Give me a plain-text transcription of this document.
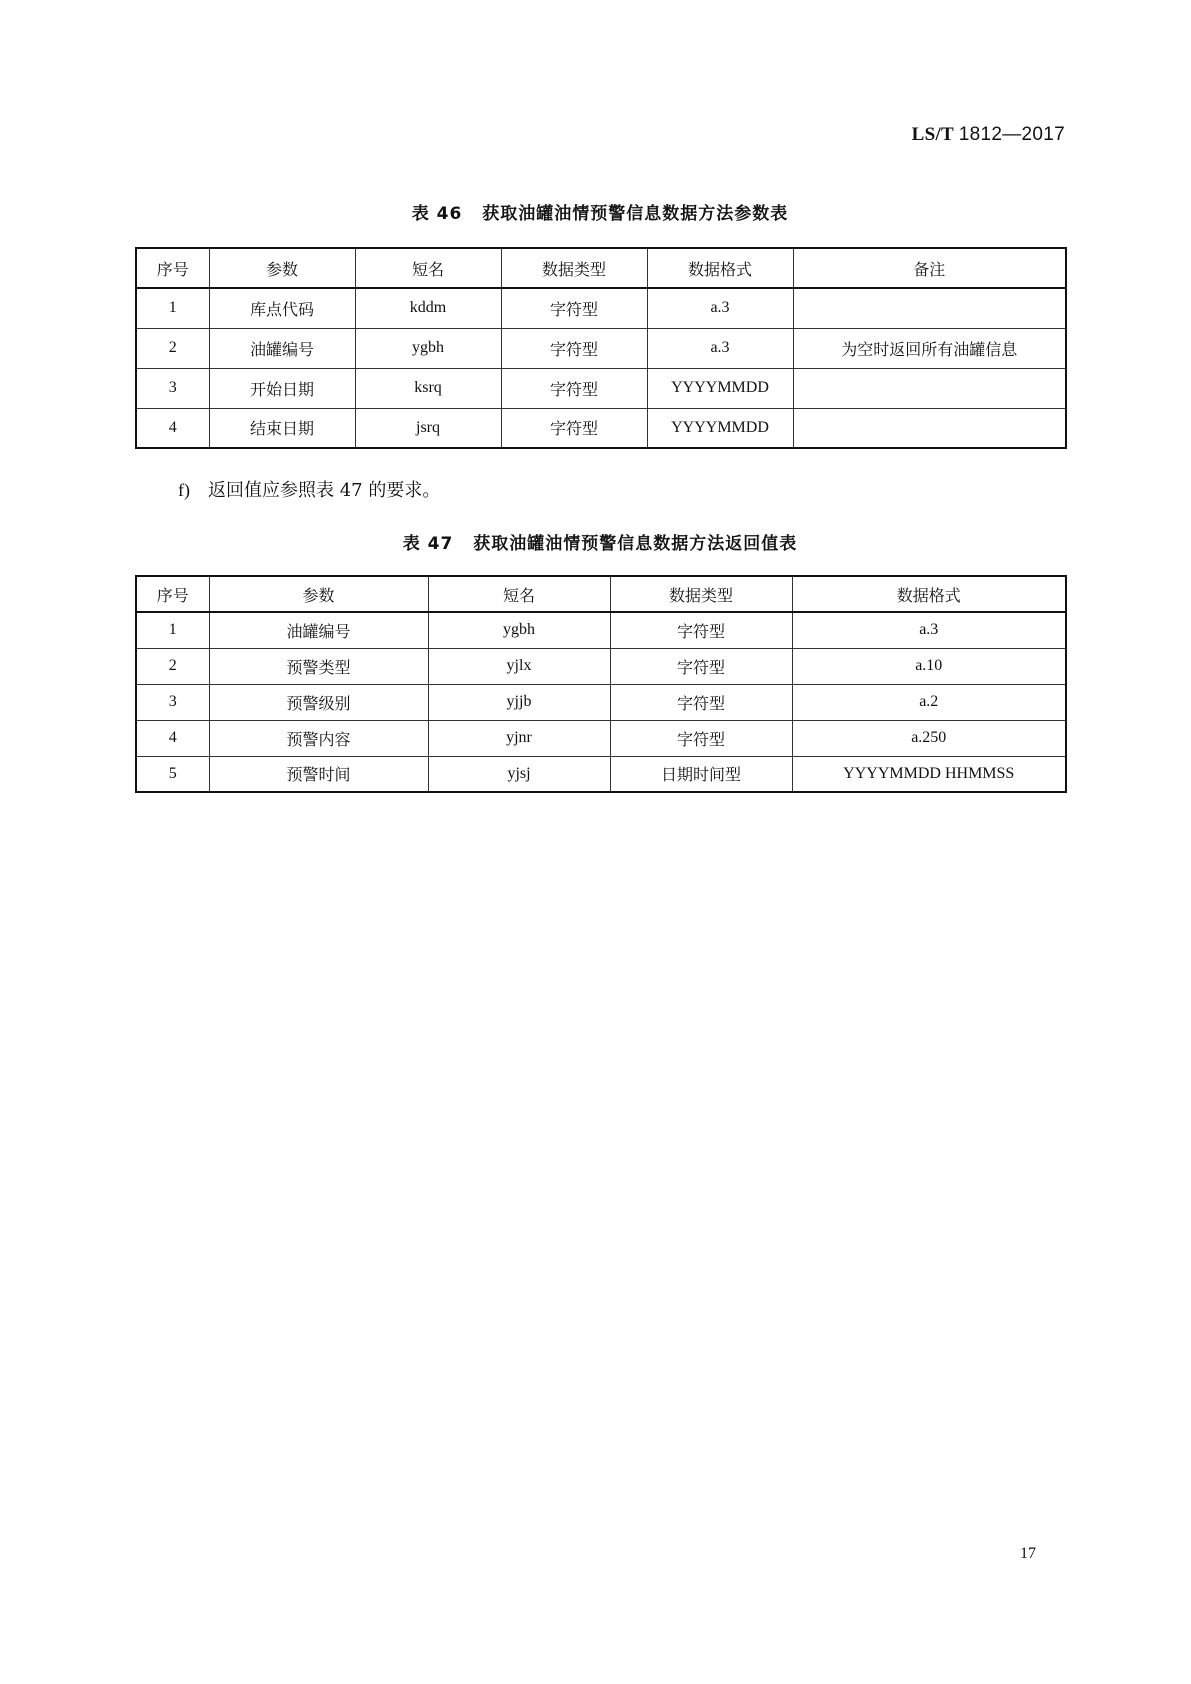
LS/T 1812—2017
表 46 获取油罐油情预警信息数据方法参数表
序号	参数	短名	数据类型	数据格式	备注
1	库点代码	kddm	字符型	a.3	
2	油罐编号	ygbh	字符型	a.3	为空时返回所有油罐信息
3	开始日期	ksrq	字符型	YYYYMMDD	
4	结束日期	jsrq	字符型	YYYYMMDD	
f) 返回值应参照表 47 的要求。
表 47 获取油罐油情预警信息数据方法返回值表
序号	参数	短名	数据类型	数据格式
1	油罐编号	ygbh	字符型	a.3
2	预警类型	yjlx	字符型	a.10
3	预警级别	yjjb	字符型	a.2
4	预警内容	yjnr	字符型	a.250
5	预警时间	yjsj	日期时间型	YYYYMMDD HHMMSS
17
